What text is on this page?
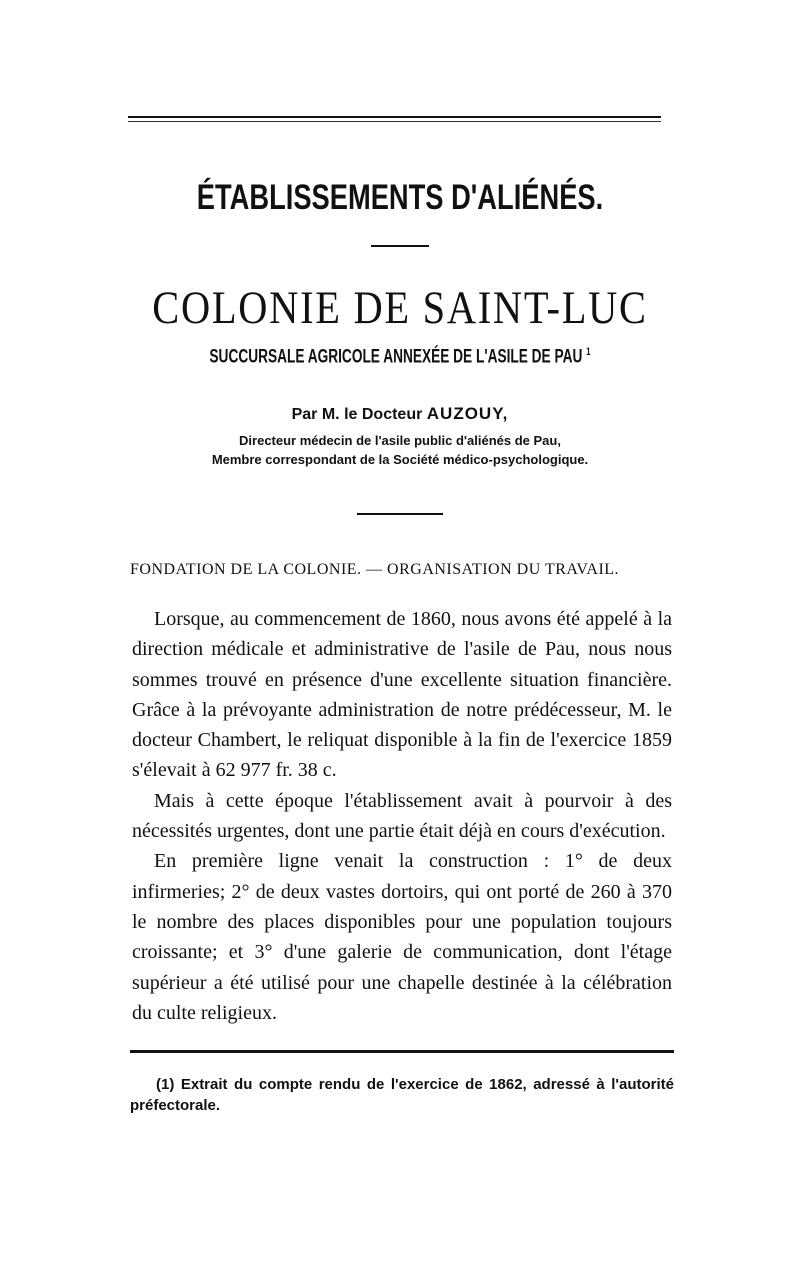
ÉTABLISSEMENTS D'ALIÉNÉS.
COLONIE DE SAINT-LUC
SUCCURSALE AGRICOLE ANNEXÉE DE L'ASILE DE PAU $^1$
Par M. le Docteur AUZOUY,
Directeur médecin de l'asile public d'aliénés de Pau,
Membre correspondant de la Société médico-psychologique.
FONDATION DE LA COLONIE. — ORGANISATION DU TRAVAIL.

Lorsque, au commencement de 1860, nous avons été appelé à la direction médicale et administrative de l'asile de Pau, nous nous sommes trouvé en présence d'une excellente situation financière. Grâce à la prévoyante administration de notre prédécesseur, M. le docteur Chambert, le reliquat disponible à la fin de l'exercice 1859 s'élevait à 62 977 fr. 38 c.

Mais à cette époque l'établissement avait à pourvoir à des nécessités urgentes, dont une partie était déjà en cours d'exécution.

En première ligne venait la construction : 1° de deux infirmeries; 2° de deux vastes dortoirs, qui ont porté de 260 à 370 le nombre des places disponibles pour une population toujours croissante; et 3° d'une galerie de communication, dont l'étage supérieur a été utilisé pour une chapelle destinée à la célébration du culte religieux.

(1) Extrait du compte rendu de l'exercice de 1862, adressé à l'autorité préfectorale.
